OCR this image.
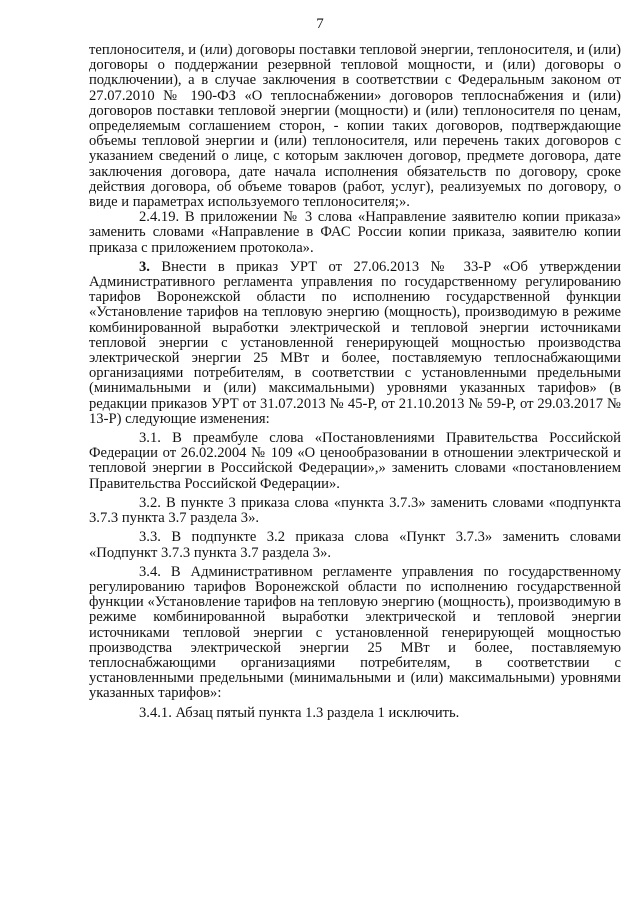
7

теплоносителя, и (или) договоры поставки тепловой энергии, теплоносителя, и (или) договоры о поддержании резервной тепловой мощности, и (или) договоры о подключении), а в случае заключения в соответствии с Федеральным законом от 27.07.2010 № 190-ФЗ «О теплоснабжении» договоров теплоснабжения и (или) договоров поставки тепловой энергии (мощности) и (или) теплоносителя по ценам, определяемым соглашением сторон, - копии таких договоров, подтверждающие объемы тепловой энергии и (или) теплоносителя, или перечень таких договоров с указанием сведений о лице, с которым заключен договор, предмете договора, дате заключения договора, дате начала исполнения обязательств по договору, сроке действия договора, об объеме товаров (работ, услуг), реализуемых по договору, о виде и параметрах используемого теплоносителя;».

2.4.19. В приложении № 3 слова «Направление заявителю копии приказа» заменить словами «Направление в ФАС России копии приказа, заявителю копии приказа с приложением протокола».

3. Внести в приказ УРТ от 27.06.2013 № 33-Р «Об утверждении Административного регламента управления по государственному регулированию тарифов Воронежской области по исполнению государственной функции «Установление тарифов на тепловую энергию (мощность), производимую в режиме комбинированной выработки электрической и тепловой энергии источниками тепловой энергии с установленной генерирующей мощностью производства электрической энергии 25 МВт и более, поставляемую теплоснабжающими организациями потребителям, в соответствии с установленными предельными (минимальными и (или) максимальными) уровнями указанных тарифов» (в редакции приказов УРТ от 31.07.2013 № 45-Р, от 21.10.2013 № 59-Р, от 29.03.2017 № 13-Р) следующие изменения:

3.1. В преамбуле слова «Постановлениями Правительства Российской Федерации от 26.02.2004 № 109 «О ценообразовании в отношении электрической и тепловой энергии в Российской Федерации»,» заменить словами «постановлением Правительства Российской Федерации».

3.2. В пункте 3 приказа слова «пункта 3.7.3» заменить словами «подпункта 3.7.3 пункта 3.7 раздела 3».

3.3. В подпункте 3.2 приказа слова «Пункт 3.7.3» заменить словами «Подпункт 3.7.3 пункта 3.7 раздела 3».

3.4. В Административном регламенте управления по государственному регулированию тарифов Воронежской области по исполнению государственной функции «Установление тарифов на тепловую энергию (мощность), производимую в режиме комбинированной выработки электрической и тепловой энергии источниками тепловой энергии с установленной генерирующей мощностью производства электрической энергии 25 МВт и более, поставляемую теплоснабжающими организациями потребителям, в соответствии с установленными предельными (минимальными и (или) максимальными) уровнями указанных тарифов»:

3.4.1. Абзац пятый пункта 1.3 раздела 1 исключить.
